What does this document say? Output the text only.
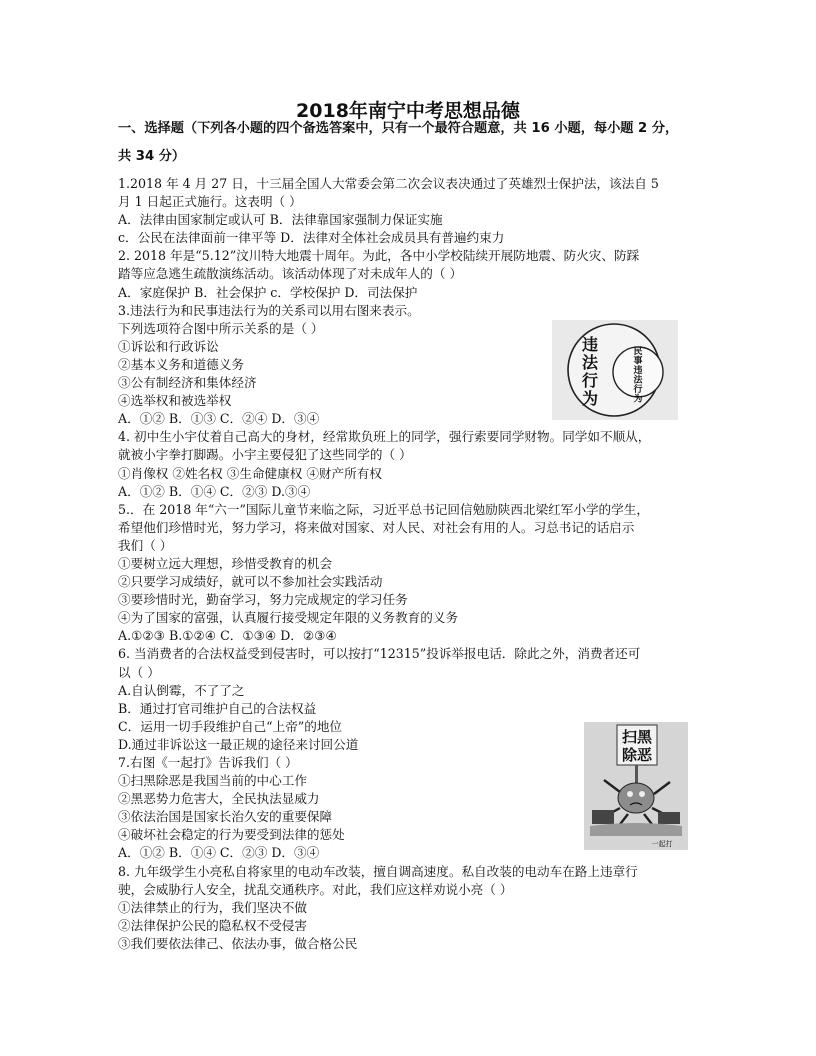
2018年南宁中考思想品德
一、选择题（下列各小题的四个备选答案中，只有一个最符合题意，共 16 小题，每小题 2 分，
共 34 分）
1.2018 年 4 月 27 日，十三届全国人大常委会第二次会议表决通过了英雄烈士保护法，该法自 5
月 1 日起正式施行。这表明（ ）
A．法律由国家制定或认可 B．法律靠国家强制力保证实施
c．公民在法律面前一律平等 D．法律对全体社会成员具有普遍约束力
2. 2018 年是“5.12”汶川特大地震十周年。为此，各中小学校陆续开展防地震、防火灾、防踩
踏等应急逃生疏散演练活动。该活动体现了对未成年人的（ ）
A．家庭保护 B．社会保护 c．学校保护 D．司法保护
3.违法行为和民事违法行为的关系司以用右图来表示。
下列选项符合图中所示关系的是（ ）
①诉讼和行政诉讼
②基本义务和道德义务
③公有制经济和集体经济
④选举权和被选举权
A．①② B．①③ C．②④ D．③④
4. 初中生小宇仗着自己高大的身材，经常欺负班上的同学，强行索要同学财物。同学如不顺从，
就被小宇拳打脚踢。小宇主要侵犯了这些同学的（ ）
①肖像权 ②姓名权 ③生命健康权 ④财产所有权
A．①② B．①④ C．②③ D.③④
5.．在 2018 年“六一”国际儿童节来临之际，习近平总书记回信勉励陕西北梁红军小学的学生，
希望他们珍惜时光，努力学习，将来做对国家、对人民、对社会有用的人。习总书记的话启示
我们（ ）
①要树立远大理想，珍惜受教育的机会
②只要学习成绩好，就可以不参加社会实践活动
③要珍惜时光，勤奋学习，努力完成规定的学习任务
④为了国家的富强，认真履行接受规定年限的义务教育的义务
A.①②③ B.①②④ C．①③④ D．②③④
6. 当消费者的合法权益受到侵害时，可以按打“12315”投诉举报电话．除此之外，消费者还可
以（ ）
A.自认倒霉，不了了之
B．通过打官司维护自己的合法权益
C．运用一切手段维护自己“上帝”的地位
D.通过非诉讼这一最正规的途径来讨回公道
7.右图《一起打》告诉我们（ ）
①扫黑除恶是我国当前的中心工作
②黑恶势力危害大，全民执法显威力
③依法治国是国家长治久安的重要保障
④破坏社会稳定的行为要受到法律的惩处
A．①② B．①④ C．②③ D．③④
8. 九年级学生小亮私自将家里的电动车改装，擅自调高速度。私自改装的电动车在路上违章行
驶，会威胁行人安全，扰乱交通秩序。对此，我们应这样劝说小亮（ ）
①法律禁止的行为，我们坚决不做
②法律保护公民的隐私权不受侵害
③我们要依法律己、依法办事，做合格公民
违
法
行
为
民
事
违
法
行
为
扫黑
除恶
一起打
